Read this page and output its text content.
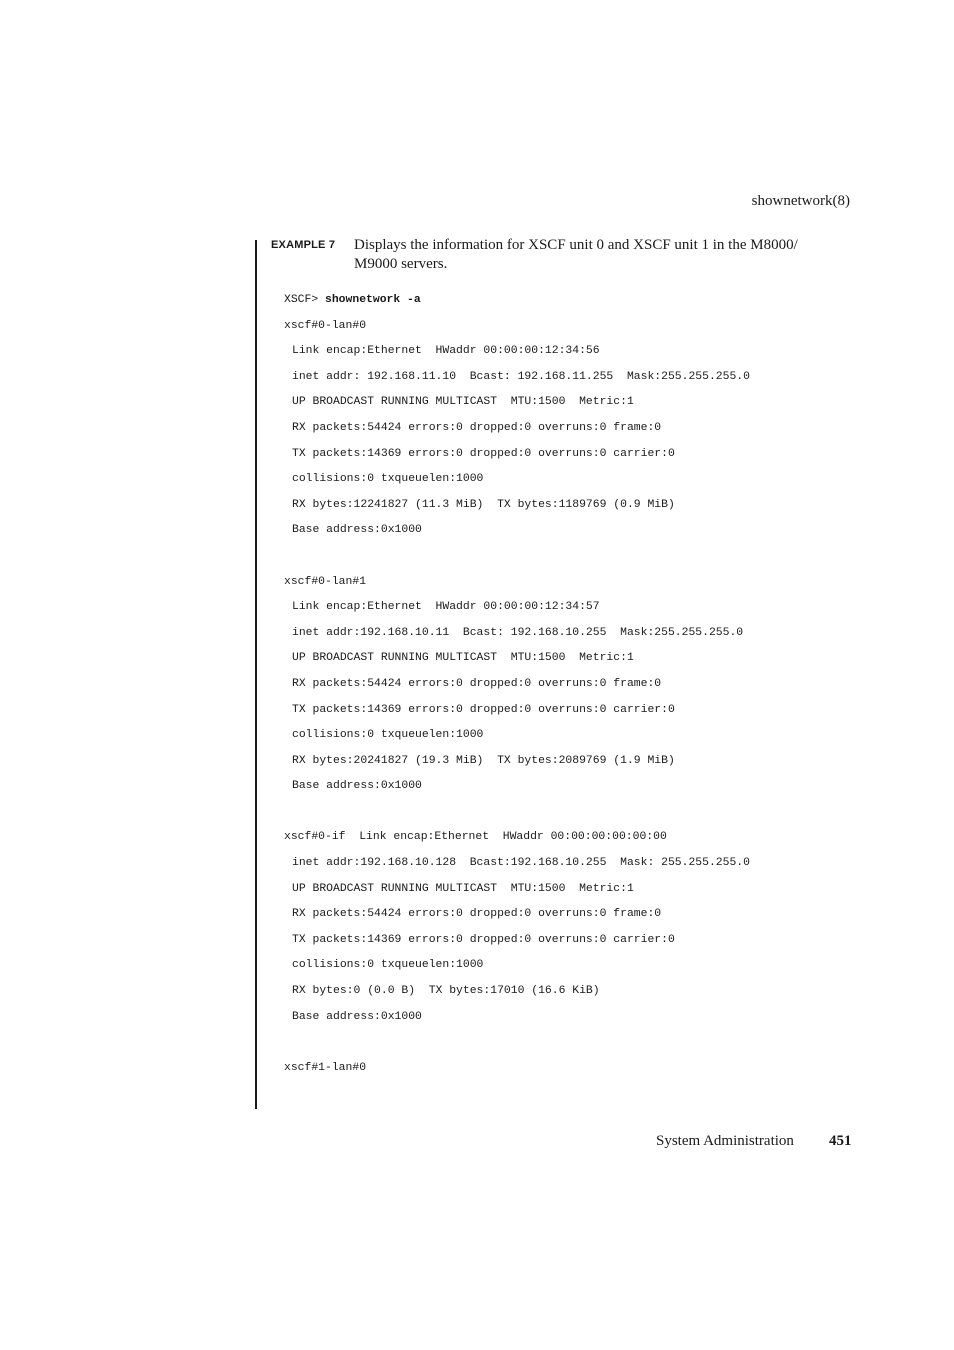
shownetwork(8)
EXAMPLE 7 Displays the information for XSCF unit 0 and XSCF unit 1 in the M8000/
M9000 servers.
XSCF> shownetwork -a
xscf#0-lan#0
Link encap:Ethernet  HWaddr 00:00:00:12:34:56
inet addr: 192.168.11.10  Bcast: 192.168.11.255  Mask:255.255.255.0
UP BROADCAST RUNNING MULTICAST  MTU:1500  Metric:1
RX packets:54424 errors:0 dropped:0 overruns:0 frame:0
TX packets:14369 errors:0 dropped:0 overruns:0 carrier:0
collisions:0 txqueuelen:1000
RX bytes:12241827 (11.3 MiB)  TX bytes:1189769 (0.9 MiB)
Base address:0x1000
xscf#0-lan#1
Link encap:Ethernet  HWaddr 00:00:00:12:34:57
inet addr:192.168.10.11  Bcast: 192.168.10.255  Mask:255.255.255.0
UP BROADCAST RUNNING MULTICAST  MTU:1500  Metric:1
RX packets:54424 errors:0 dropped:0 overruns:0 frame:0
TX packets:14369 errors:0 dropped:0 overruns:0 carrier:0
collisions:0 txqueuelen:1000
RX bytes:20241827 (19.3 MiB)  TX bytes:2089769 (1.9 MiB)
Base address:0x1000
xscf#0-if  Link encap:Ethernet  HWaddr 00:00:00:00:00:00
inet addr:192.168.10.128  Bcast:192.168.10.255  Mask: 255.255.255.0
UP BROADCAST RUNNING MULTICAST  MTU:1500  Metric:1
RX packets:54424 errors:0 dropped:0 overruns:0 frame:0
TX packets:14369 errors:0 dropped:0 overruns:0 carrier:0
collisions:0 txqueuelen:1000
RX bytes:0 (0.0 B)  TX bytes:17010 (16.6 KiB)
Base address:0x1000
xscf#1-lan#0
System Administration 451
